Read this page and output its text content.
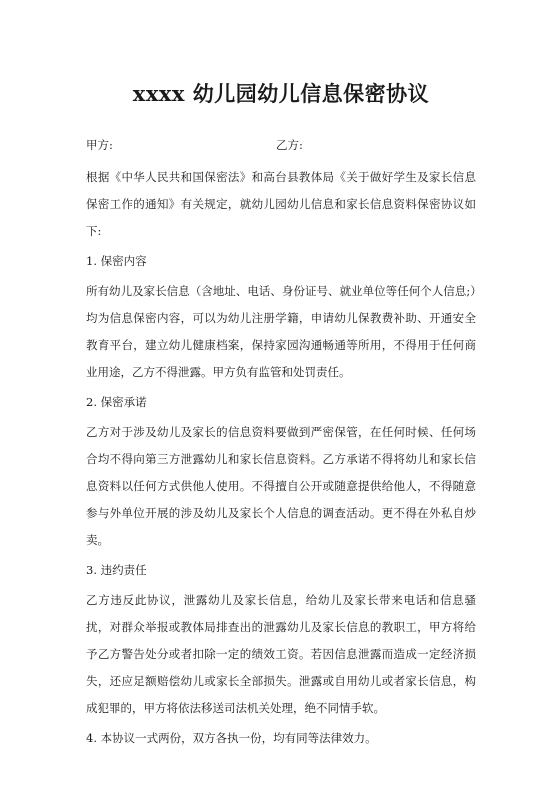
xxxx 幼儿园幼儿信息保密协议
甲方:	乙方:

根据《中华人民共和国保密法》和高台县教体局《关于做好学生及家长信息保密工作的通知》有关规定，就幼儿园幼儿信息和家长信息资料保密协议如下:

1. 保密内容

所有幼儿及家长信息（含地址、电话、身份证号、就业单位等任何个人信息;）均为信息保密内容，可以为幼儿注册学籍，申请幼儿保教费补助、开通安全教育平台，建立幼儿健康档案，保持家园沟通畅通等所用，不得用于任何商业用途，乙方不得泄露。甲方负有监管和处罚责任。

2. 保密承诺

乙方对于涉及幼儿及家长的信息资料要做到严密保管，在任何时候、任何场合均不得向第三方泄露幼儿和家长信息资料。乙方承诺不得将幼儿和家长信息资料以任何方式供他人使用。不得擅自公开或随意提供给他人，不得随意参与外单位开展的涉及幼儿及家长个人信息的调查活动。更不得在外私自炒卖。

3. 违约责任

乙方违反此协议，泄露幼儿及家长信息，给幼儿及家长带来电话和信息骚扰，对群众举报或教体局排查出的泄露幼儿及家长信息的教职工，甲方将给予乙方警告处分或者扣除一定的绩效工资。若因信息泄露而造成一定经济损失，还应足额赔偿幼儿或家长全部损失。泄露或自用幼儿或者家长信息，构成犯罪的，甲方将依法移送司法机关处理，绝不同情手软。

4. 本协议一式两份，双方各执一份，均有同等法律效力。
